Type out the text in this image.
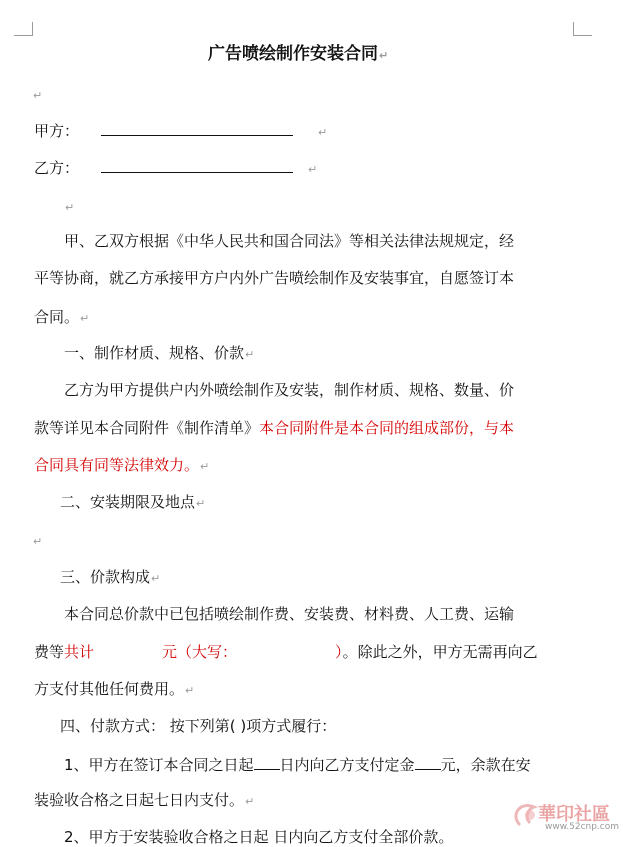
广告喷绘制作安装合同↵
↵
甲方：	↵
乙方：	↵
↵
甲、乙双方根据《中华人民共和国合同法》等相关法律法规规定，经
平等协商，就乙方承接甲方户内外广告喷绘制作及安装事宜，自愿签订本
合同。↵
一、制作材质、规格、价款↵
乙方为甲方提供户内外喷绘制作及安装，制作材质、规格、数量、价
款等详见本合同附件《制作清单》本合同附件是本合同的组成部份，与本
合同具有同等法律效力。↵
二、安装期限及地点↵
↵
三、价款构成↵
本合同总价款中已包括喷绘制作费、安装费、材料费、人工费、运输
费等共计	元（大写：	）。除此之外，甲方无需再向乙
方支付其他任何费用。↵
四、付款方式： 按下列第( )项方式履行：
1、甲方在签订本合同之日起 日内向乙方支付定金 元，余款在安
装验收合格之日起七日内支付。↵
2、甲方于安装验收合格之日起 日内向乙方支付全部价款。
華印社區
www.52cnp.com
